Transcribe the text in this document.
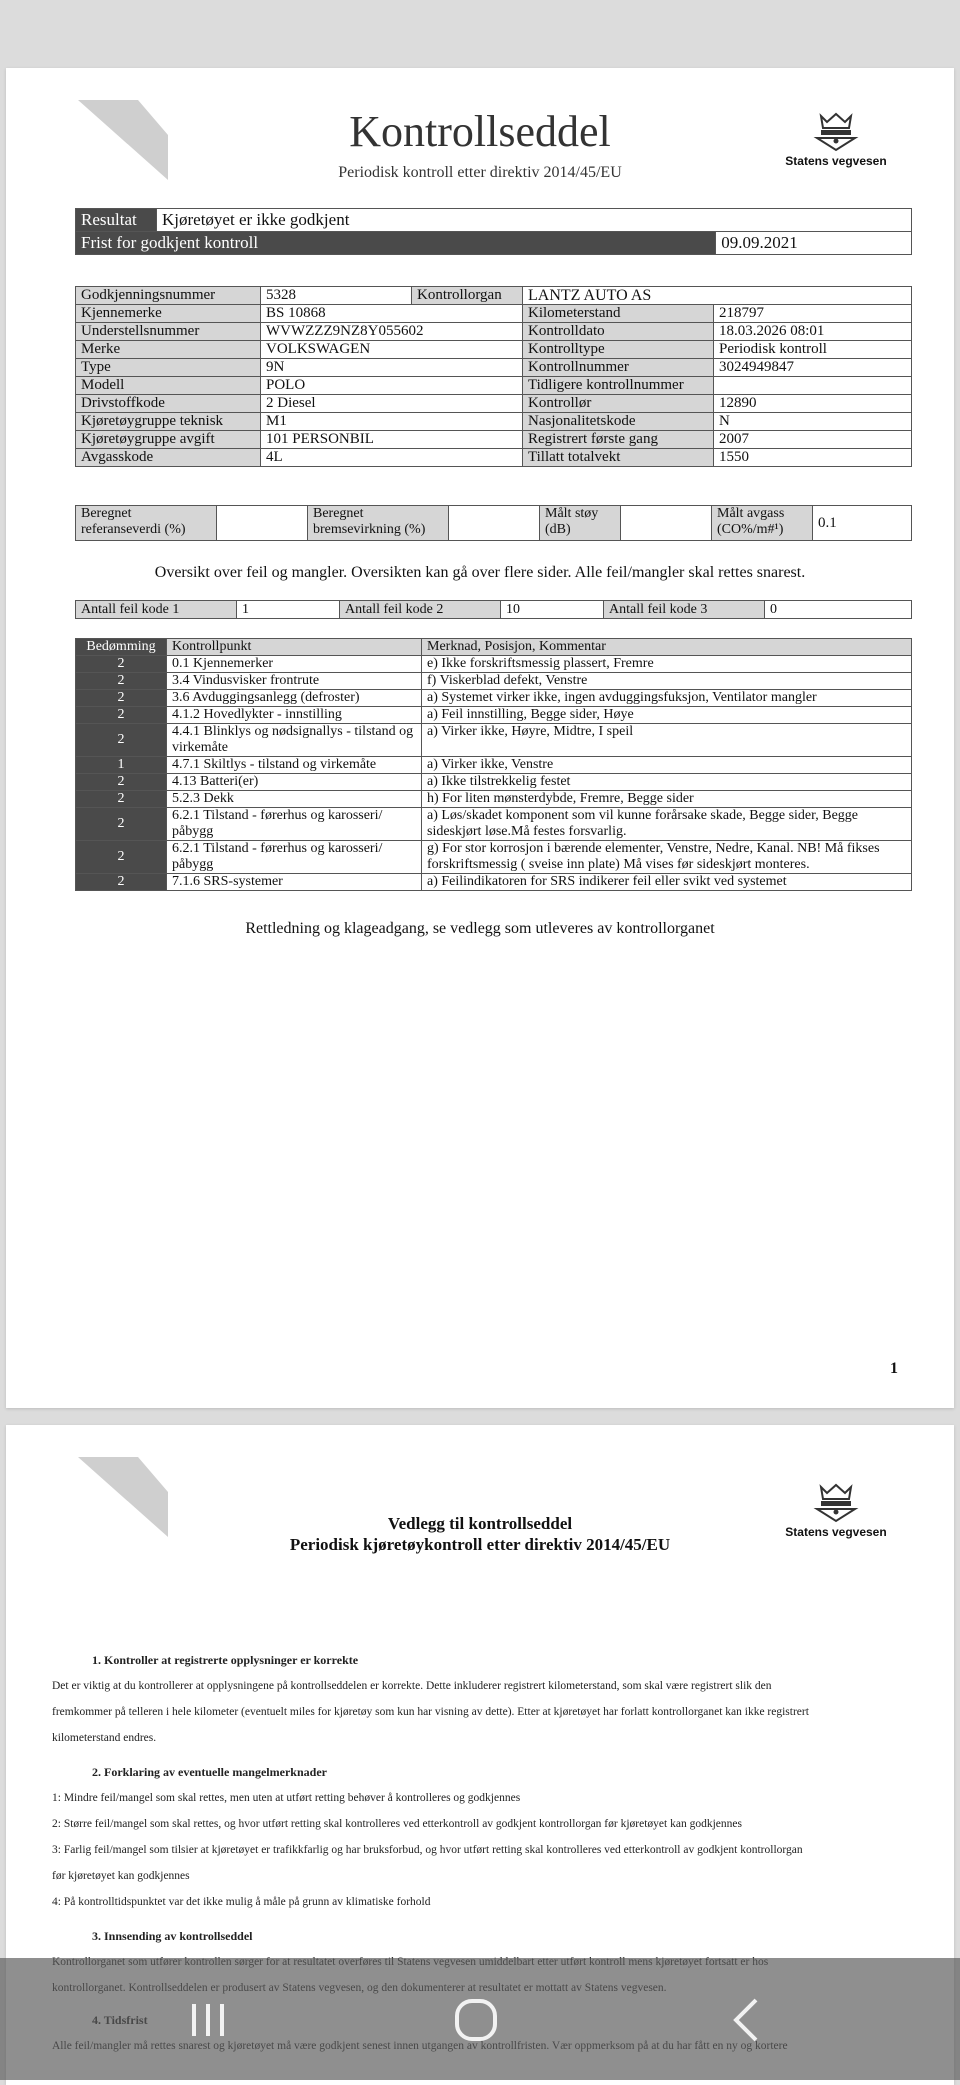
Kontrollseddel
Periodisk kontroll etter direktiv 2014/45/EU
Statens vegvesen
Resultat	Kjøretøyet er ikke godkjent	
Frist for godkjent kontroll		09.09.2021
Godkjenningsnummer	5328	Kontrollorgan	LANTZ AUTO AS	
Kjennemerke	BS 10868		Kilometerstand	218797
Understellsnummer	WVWZZZ9NZ8Y055602		Kontrolldato	18.03.2026 08:01
Merke	VOLKSWAGEN		Kontrolltype	Periodisk kontroll
Type	9N		Kontrollnummer	3024949847
Modell	POLO		Tidligere kontrollnummer	
Drivstoffkode	2 Diesel		Kontrollør	12890
Kjøretøygruppe teknisk	M1		Nasjonalitetskode	N
Kjøretøygruppe avgift	101 PERSONBIL		Registrert første gang	2007
Avgasskode	4L		Tillatt totalvekt	1550
Beregnet referanseverdi (%)		Beregnet bremsevirkning (%)		Målt støy (dB)		Målt avgass (CO%/m#¹)	0.1
Oversikt over feil og mangler. Oversikten kan gå over flere sider. Alle feil/mangler skal rettes snarest.
Antall feil kode 1	1	Antall feil kode 2	10	Antall feil kode 3	0
Bedømming	Kontrollpunkt	Merknad, Posisjon, Kommentar
2	0.1 Kjennemerker	e) Ikke forskriftsmessig plassert, Fremre
2	3.4 Vindusvisker frontrute	f) Viskerblad defekt, Venstre
2	3.6 Avduggingsanlegg (defroster)	a) Systemet virker ikke, ingen avduggingsfuksjon, Ventilator mangler
2	4.1.2 Hovedlykter - innstilling	a) Feil innstilling, Begge sider, Høye
2	4.4.1 Blinklys og nødsignallys - tilstand og virkemåte	a) Virker ikke, Høyre, Midtre, I speil
1	4.7.1 Skiltlys - tilstand og virkemåte	a) Virker ikke, Venstre
2	4.13 Batteri(er)	a) Ikke tilstrekkelig festet
2	5.2.3 Dekk	h) For liten mønsterdybde, Fremre, Begge sider
2	6.2.1 Tilstand - førerhus og karosseri/ påbygg	a) Løs/skadet komponent som vil kunne forårsake skade, Begge sider, Begge sideskjørt løse.Må festes forsvarlig.
2	6.2.1 Tilstand - førerhus og karosseri/ påbygg	g) For stor korrosjon i bærende elementer, Venstre, Nedre, Kanal. NB! Må fikses forskriftsmessig ( sveise inn plate) Må vises før sideskjørt monteres.
2	7.1.6 SRS-systemer	a) Feilindikatoren for SRS indikerer feil eller svikt ved systemet
Rettledning og klageadgang, se vedlegg som utleveres av kontrollorganet
1
Vedlegg til kontrollseddel
Periodisk kjøretøykontroll etter direktiv 2014/45/EU
Statens vegvesen
1. Kontroller at registrerte opplysninger er korrekte

Det er viktig at du kontrollerer at opplysningene på kontrollseddelen er korrekte. Dette inkluderer registrert kilometerstand, som skal være registrert slik den

fremkommer på telleren i hele kilometer (eventuelt miles for kjøretøy som kun har visning av dette). Etter at kjøretøyet har forlatt kontrollorganet kan ikke registrert

kilometerstand endres.

2. Forklaring av eventuelle mangelmerknader

1: Mindre feil/mangel som skal rettes, men uten at utført retting behøver å kontrolleres og godkjennes

2: Større feil/mangel som skal rettes, og hvor utført retting skal kontrolleres ved etterkontroll av godkjent kontrollorgan før kjøretøyet kan godkjennes

3: Farlig feil/mangel som tilsier at kjøretøyet er trafikkfarlig og har bruksforbud, og hvor utført retting skal kontrolleres ved etterkontroll av godkjent kontrollorgan

før kjøretøyet kan godkjennes

4: På kontrolltidspunktet var det ikke mulig å måle på grunn av klimatiske forhold

3. Innsending av kontrollseddel
